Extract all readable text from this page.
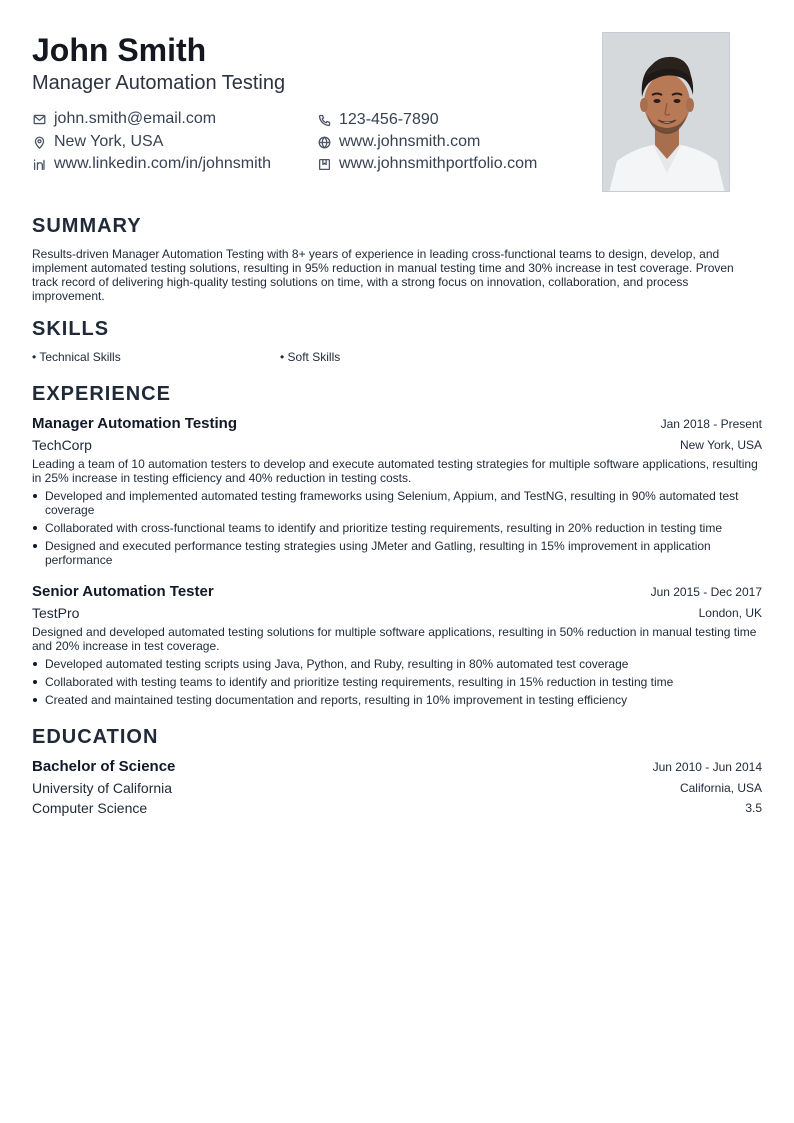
John Smith
Manager Automation Testing
john.smith@email.com	123-456-7890
New York, USA	www.johnsmith.com
www.linkedin.com/in/johnsmith	www.johnsmithportfolio.com
SUMMARY
Results-driven Manager Automation Testing with 8+ years of experience in leading cross-functional teams to design, develop, and implement automated testing solutions, resulting in 95% reduction in manual testing time and 30% increase in test coverage. Proven track record of delivering high-quality testing solutions on time, with a strong focus on innovation, collaboration, and process improvement.
SKILLS
• Technical Skills	• Soft Skills
EXPERIENCE
Manager Automation Testing	Jan 2018 - Present
TechCorp	New York, USA
Leading a team of 10 automation testers to develop and execute automated testing strategies for multiple software applications, resulting in 25% increase in testing efficiency and 40% reduction in testing costs.
Developed and implemented automated testing frameworks using Selenium, Appium, and TestNG, resulting in 90% automated test coverage
Collaborated with cross-functional teams to identify and prioritize testing requirements, resulting in 20% reduction in testing time
Designed and executed performance testing strategies using JMeter and Gatling, resulting in 15% improvement in application performance
Senior Automation Tester	Jun 2015 - Dec 2017
TestPro	London, UK
Designed and developed automated testing solutions for multiple software applications, resulting in 50% reduction in manual testing time and 20% increase in test coverage.
Developed automated testing scripts using Java, Python, and Ruby, resulting in 80% automated test coverage
Collaborated with testing teams to identify and prioritize testing requirements, resulting in 15% reduction in testing time
Created and maintained testing documentation and reports, resulting in 10% improvement in testing efficiency
EDUCATION
Bachelor of Science	Jun 2010 - Jun 2014
University of California	California, USA
Computer Science	3.5
